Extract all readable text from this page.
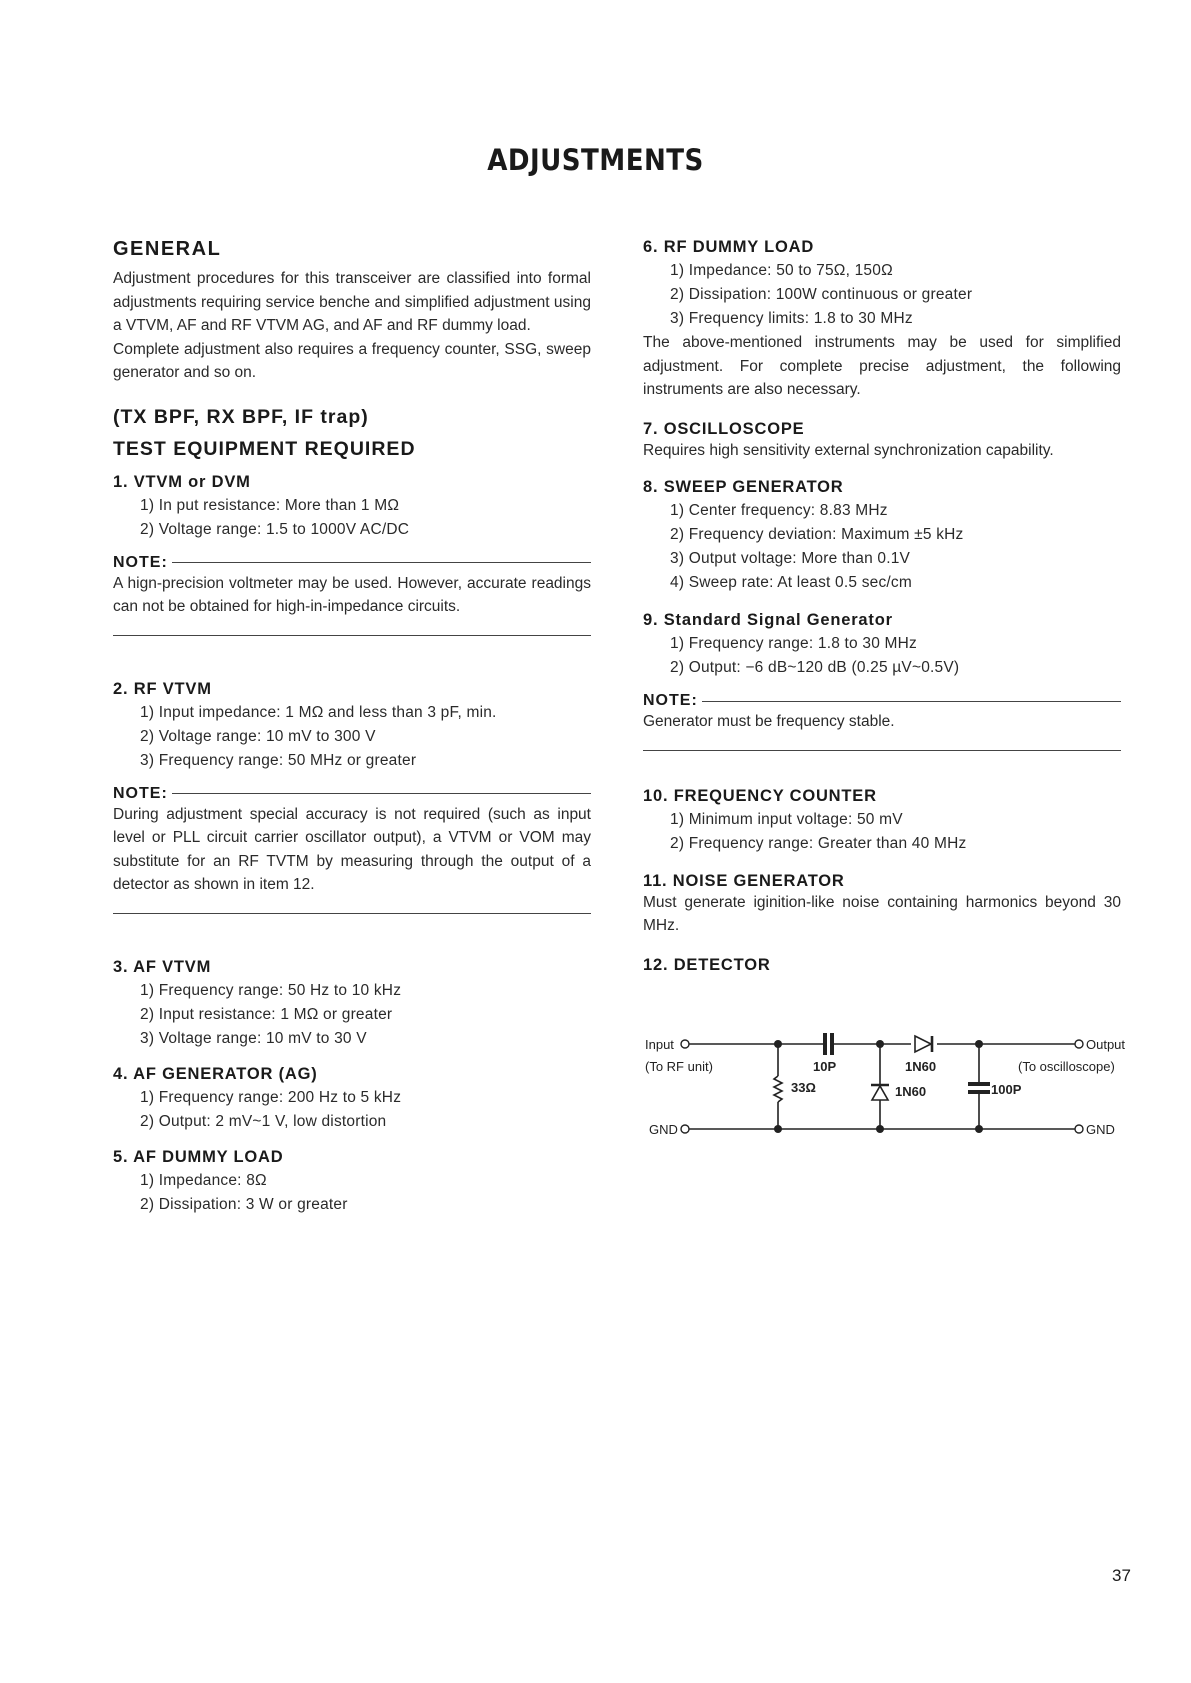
ADJUSTMENTS
GENERAL

Adjustment procedures for this transceiver are classified into formal adjustments requiring service benche and simplified adjustment using a VTVM, AF and RF VTVM AG, and AF and RF dummy load.

Complete adjustment also requires a frequency counter, SSG, sweep generator and so on.

(TX BPF, RX BPF, IF trap)
TEST EQUIPMENT REQUIRED
1. VTVM or DVM
1) In put resistance: More than 1 MΩ
2) Voltage range: 1.5 to 1000V AC/DC
NOTE:

A hign-precision voltmeter may be used. However, accurate readings can not be obtained for high-in-impedance circuits.

2. RF VTVM
1) Input impedance: 1 MΩ and less than 3 pF, min.
2) Voltage range: 10 mV to 300 V
3) Frequency range: 50 MHz or greater
NOTE:

During adjustment special accuracy is not required (such as input level or PLL circuit carrier oscillator output), a VTVM or VOM may substitute for an RF TVTM by measuring through the output of a detector as shown in item 12.

3. AF VTVM
1) Frequency range: 50 Hz to 10 kHz
2) Input resistance: 1 MΩ or greater
3) Voltage range: 10 mV to 30 V
4. AF GENERATOR (AG)
1) Frequency range: 200 Hz to 5 kHz
2) Output: 2 mV~1 V, low distortion
5. AF DUMMY LOAD
1) Impedance: 8Ω
2) Dissipation: 3 W or greater
6. RF DUMMY LOAD
1) Impedance: 50 to 75Ω, 150Ω
2) Dissipation: 100W continuous or greater
3) Frequency limits: 1.8 to 30 MHz

The above-mentioned instruments may be used for simplified adjustment. For complete precise adjustment, the following instruments are also necessary.

7. OSCILLOSCOPE

Requires high sensitivity external synchronization capability.

8. SWEEP GENERATOR
1) Center frequency: 8.83 MHz
2) Frequency deviation: Maximum ±5 kHz
3) Output voltage: More than 0.1V
4) Sweep rate: At least 0.5 sec/cm
9. Standard Signal Generator
1) Frequency range: 1.8 to 30 MHz
2) Output: −6 dB~120 dB (0.25 µV~0.5V)
NOTE:

Generator must be frequency stable.

10. FREQUENCY COUNTER
1) Minimum input voltage: 50 mV
2) Frequency range: Greater than 40 MHz
11. NOISE GENERATOR

Must generate iginition-like noise containing harmonics beyond 30 MHz.

12. DETECTOR
Input
(To RF unit)
GND
10P
33Ω
1N60
1N60	100P
Output
(To oscilloscope)
GND
37
